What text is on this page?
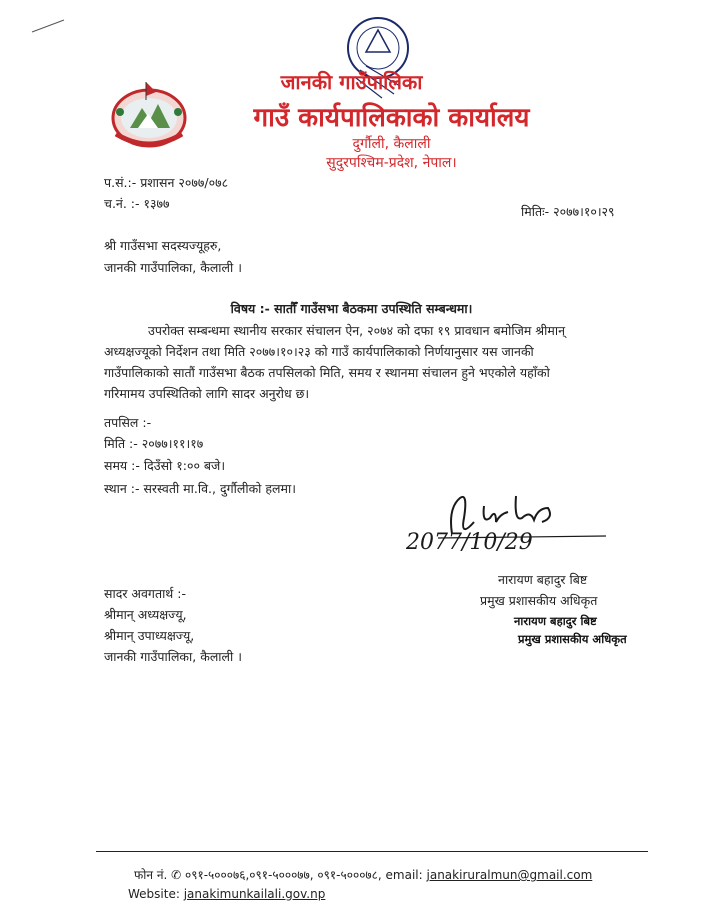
जानकी गाउँपालिका
गाउँ कार्यपालिकाको कार्यालय
दुर्गौली, कैलाली
सुदुरपश्चिम-प्रदेश, नेपाल।
प.सं.:- प्रशासन २०७७/०७८
च.नं. :- १३७७
मितिः- २०७७।१०।२९
श्री गाउँसभा सदस्यज्यूहरु,
जानकी गाउँपालिका, कैलाली ।
विषय :- सातौँ गाउँसभा बैठकमा उपस्थिति सम्बन्धमा।
उपरोक्त सम्बन्धमा स्थानीय सरकार संचालन ऐन, २०७४ को दफा १९ प्रावधान बमोजिम श्रीमान्
अध्यक्षज्यूको निर्देशन तथा मिति २०७७।१०।२३ को गाउँ कार्यपालिकाको निर्णयानुसार यस जानकी
गाउँपालिकाको सातौं गाउँसभा बैठक तपसिलको मिति, समय र स्थानमा संचालन हुने भएकोले यहाँको
गरिमामय उपस्थितिको लागि सादर अनुरोध छ।
तपसिल :-
मिति :- २०७७।११।१७
समय :- दिउँसो १:०० बजे।
स्थान :- सरस्वती मा.वि., दुर्गौलीको हलमा।
2077/10/29
नारायण बहादुर बिष्ट
प्रमुख प्रशासकीय अधिकृत
नारायण बहादुर बिष्ट
प्रमुख प्रशासकीय अधिकृत
सादर अवगतार्थ :-
श्रीमान् अध्यक्षज्यू,
श्रीमान् उपाध्यक्षज्यू,
जानकी गाउँपालिका, कैलाली ।
फोन नं. ✆ ०९१-५०००७६,०९१-५०००७७, ०९१-५०००७८, email: janakiruralmun@gmail.com
Website: janakimunkailali.gov.np
